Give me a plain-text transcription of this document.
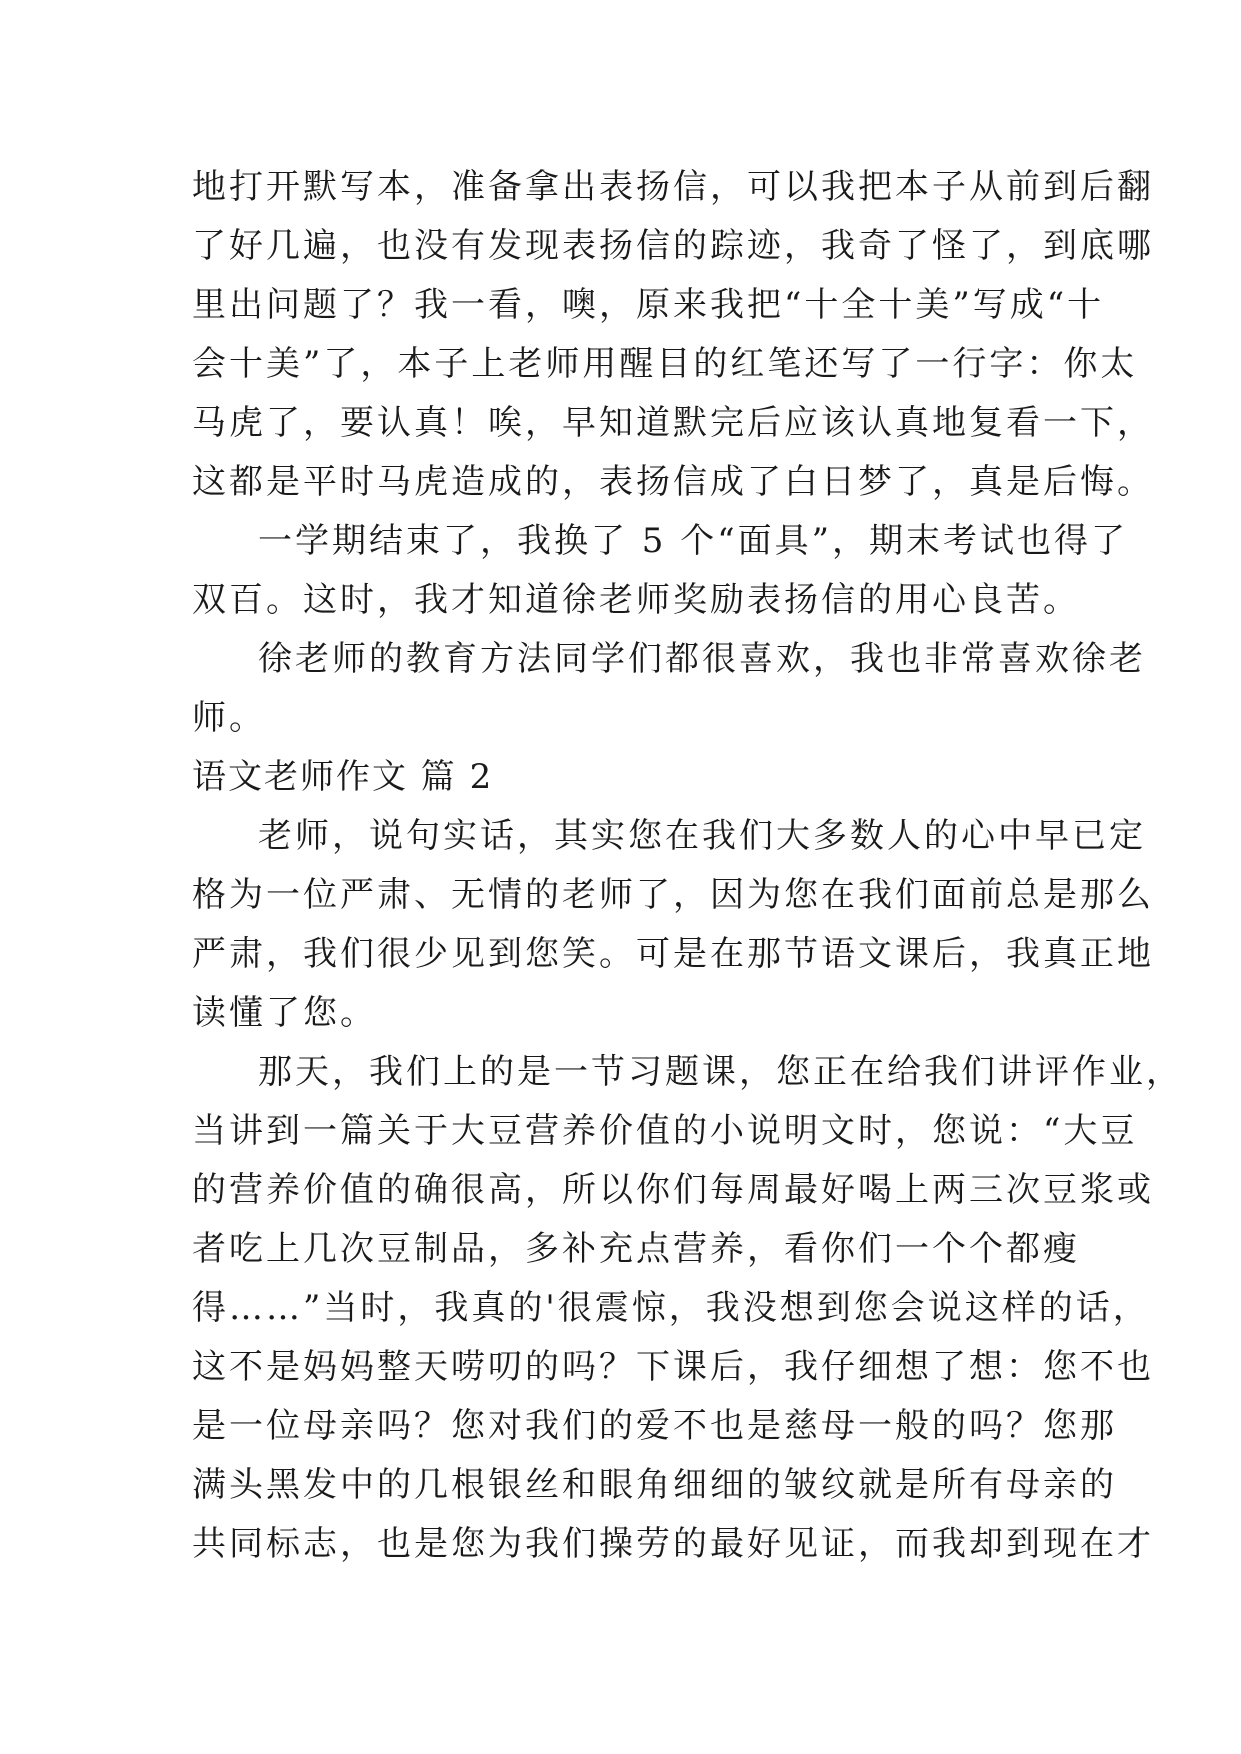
地打开默写本，准备拿出表扬信，可以我把本子从前到后翻
了好几遍，也没有发现表扬信的踪迹，我奇了怪了，到底哪
里出问题了？我一看，噢，原来我把“十全十美”写成“十
会十美”了，本子上老师用醒目的红笔还写了一行字：你太
马虎了，要认真！唉，早知道默完后应该认真地复看一下，
这都是平时马虎造成的，表扬信成了白日梦了，真是后悔。
一学期结束了，我换了 5 个“面具”，期末考试也得了
双百。这时，我才知道徐老师奖励表扬信的用心良苦。
徐老师的教育方法同学们都很喜欢，我也非常喜欢徐老
师。
语文老师作文 篇 2
老师，说句实话，其实您在我们大多数人的心中早已定
格为一位严肃、无情的老师了，因为您在我们面前总是那么
严肃，我们很少见到您笑。可是在那节语文课后，我真正地
读懂了您。
那天，我们上的是一节习题课，您正在给我们讲评作业，
当讲到一篇关于大豆营养价值的小说明文时，您说：“大豆
的营养价值的确很高，所以你们每周最好喝上两三次豆浆或
者吃上几次豆制品，多补充点营养，看你们一个个都瘦
得……”当时，我真的'很震惊，我没想到您会说这样的话，
这不是妈妈整天唠叨的吗？下课后，我仔细想了想：您不也
是一位母亲吗？您对我们的爱不也是慈母一般的吗？您那
满头黑发中的几根银丝和眼角细细的皱纹就是所有母亲的
共同标志，也是您为我们操劳的最好见证，而我却到现在才
